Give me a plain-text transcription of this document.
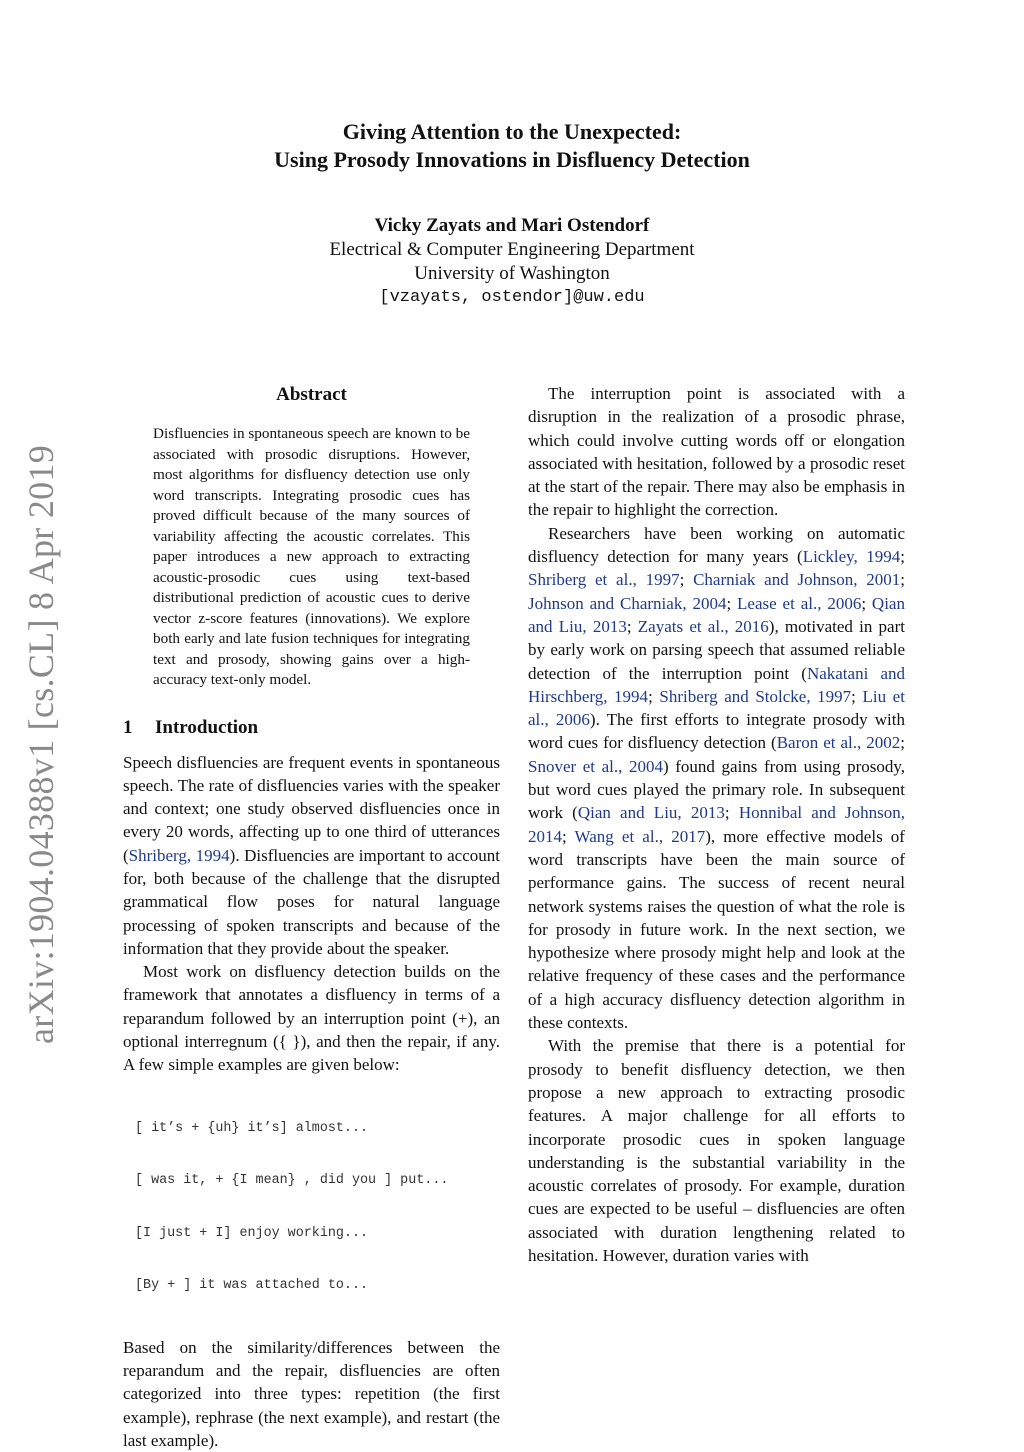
Giving Attention to the Unexpected:
Using Prosody Innovations in Disfluency Detection
Vicky Zayats and Mari Ostendorf
Electrical & Computer Engineering Department
University of Washington
[vzayats, ostendor]@uw.edu
arXiv:1904.04388v1 [cs.CL] 8 Apr 2019
Abstract
Disfluencies in spontaneous speech are known to be associated with prosodic disruptions. However, most algorithms for disfluency detection use only word transcripts. Integrating prosodic cues has proved difficult because of the many sources of variability affecting the acoustic correlates. This paper introduces a new approach to extracting acoustic-prosodic cues using text-based distributional prediction of acoustic cues to derive vector z-score features (innovations). We explore both early and late fusion techniques for integrating text and prosody, showing gains over a high-accuracy text-only model.
1 Introduction

Speech disfluencies are frequent events in spontaneous speech. The rate of disfluencies varies with the speaker and context; one study observed disfluencies once in every 20 words, affecting up to one third of utterances (Shriberg, 1994). Disfluencies are important to account for, both because of the challenge that the disrupted grammatical flow poses for natural language processing of spoken transcripts and because of the information that they provide about the speaker.

Most work on disfluency detection builds on the framework that annotates a disfluency in terms of a reparandum followed by an interruption point (+), an optional interregnum ({ }), and then the repair, if any. A few simple examples are given below:

[ it’s + {uh} it’s] almost...

[ was it, + {I mean} , did you ] put...

[I just + I] enjoy working...

[By + ] it was attached to...

Based on the similarity/differences between the reparandum and the repair, disfluencies are often categorized into three types: repetition (the first example), rephrase (the next example), and restart (the last example).

The interruption point is associated with a disruption in the realization of a prosodic phrase, which could involve cutting words off or elongation associated with hesitation, followed by a prosodic reset at the start of the repair. There may also be emphasis in the repair to highlight the correction.

Researchers have been working on automatic disfluency detection for many years (Lickley, 1994; Shriberg et al., 1997; Charniak and Johnson, 2001; Johnson and Charniak, 2004; Lease et al., 2006; Qian and Liu, 2013; Zayats et al., 2016), motivated in part by early work on parsing speech that assumed reliable detection of the interruption point (Nakatani and Hirschberg, 1994; Shriberg and Stolcke, 1997; Liu et al., 2006). The first efforts to integrate prosody with word cues for disfluency detection (Baron et al., 2002; Snover et al., 2004) found gains from using prosody, but word cues played the primary role. In subsequent work (Qian and Liu, 2013; Honnibal and Johnson, 2014; Wang et al., 2017), more effective models of word transcripts have been the main source of performance gains. The success of recent neural network systems raises the question of what the role is for prosody in future work. In the next section, we hypothesize where prosody might help and look at the relative frequency of these cases and the performance of a high accuracy disfluency detection algorithm in these contexts.

With the premise that there is a potential for prosody to benefit disfluency detection, we then propose a new approach to extracting prosodic features. A major challenge for all efforts to incorporate prosodic cues in spoken language understanding is the substantial variability in the acoustic correlates of prosody. For example, duration cues are expected to be useful – disfluencies are often associated with duration lengthening related to hesitation. However, duration varies with
